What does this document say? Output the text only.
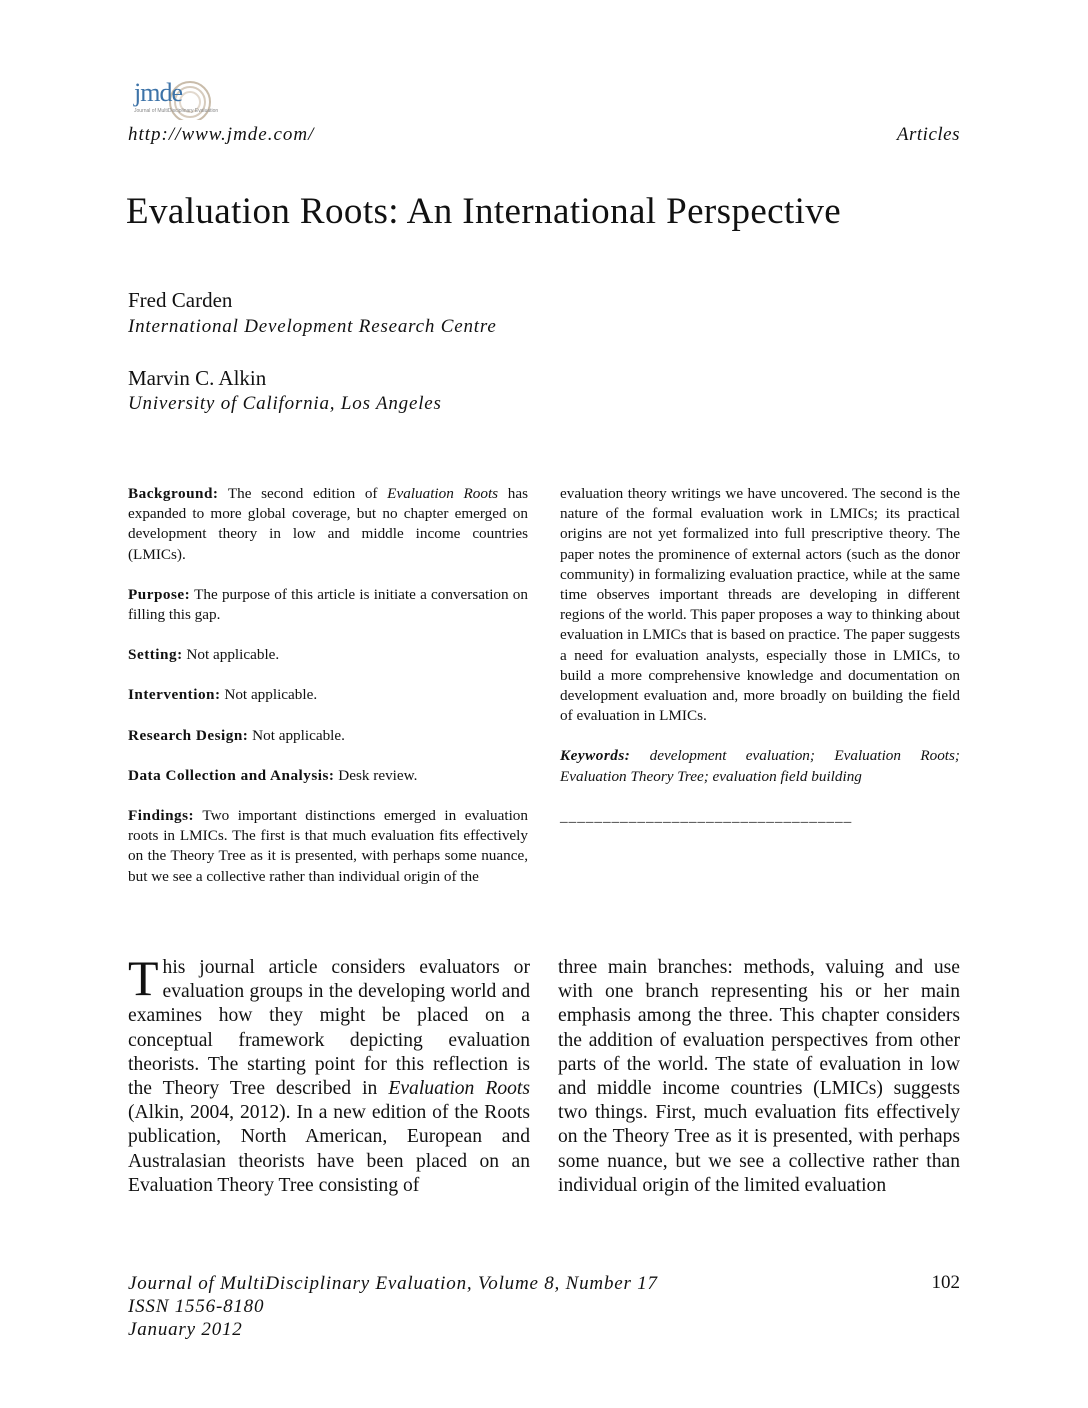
jmde
Journal of MultiDisciplinary Evaluation
http://www.jmde.com/	Articles
Evaluation Roots: An International Perspective
Fred Carden
International Development Research Centre
Marvin C. Alkin
University of California, Los Angeles

Background: The second edition of Evaluation Roots has expanded to more global coverage, but no chapter emerged on development theory in low and middle income countries (LMICs).

Purpose: The purpose of this article is initiate a conversation on filling this gap.

Setting: Not applicable.

Intervention: Not applicable.

Research Design: Not applicable.

Data Collection and Analysis: Desk review.

Findings: Two important distinctions emerged in evaluation roots in LMICs. The first is that much evaluation fits effectively on the Theory Tree as it is presented, with perhaps some nuance, but we see a collective rather than individual origin of the

evaluation theory writings we have uncovered. The second is the nature of the formal evaluation work in LMICs; its practical origins are not yet formalized into full prescriptive theory. The paper notes the prominence of external actors (such as the donor community) in formalizing evaluation practice, while at the same time observes important threads are developing in different regions of the world. This paper proposes a way to thinking about evaluation in LMICs that is based on practice. The paper suggests a need for evaluation analysts, especially those in LMICs, to build a more comprehensive knowledge and documentation on development evaluation and, more broadly on building the field of evaluation in LMICs.

Keywords: development evaluation; Evaluation Roots; Evaluation Theory Tree; evaluation field building

__________________________________
This journal article considers evaluators or evaluation groups in the developing world and examines how they might be placed on a conceptual framework depicting evaluation theorists. The starting point for this reflection is the Theory Tree described in Evaluation Roots (Alkin, 2004, 2012). In a new edition of the Roots publication, North American, European and Australasian theorists have been placed on an Evaluation Theory Tree consisting of
three main branches: methods, valuing and use with one branch representing his or her main emphasis among the three. This chapter considers the addition of evaluation perspectives from other parts of the world. The state of evaluation in low and middle income countries (LMICs) suggests two things. First, much evaluation fits effectively on the Theory Tree as it is presented, with perhaps some nuance, but we see a collective rather than individual origin of the limited evaluation
Journal of MultiDisciplinary Evaluation, Volume 8, Number 17
ISSN 1556-8180
January 2012
102
